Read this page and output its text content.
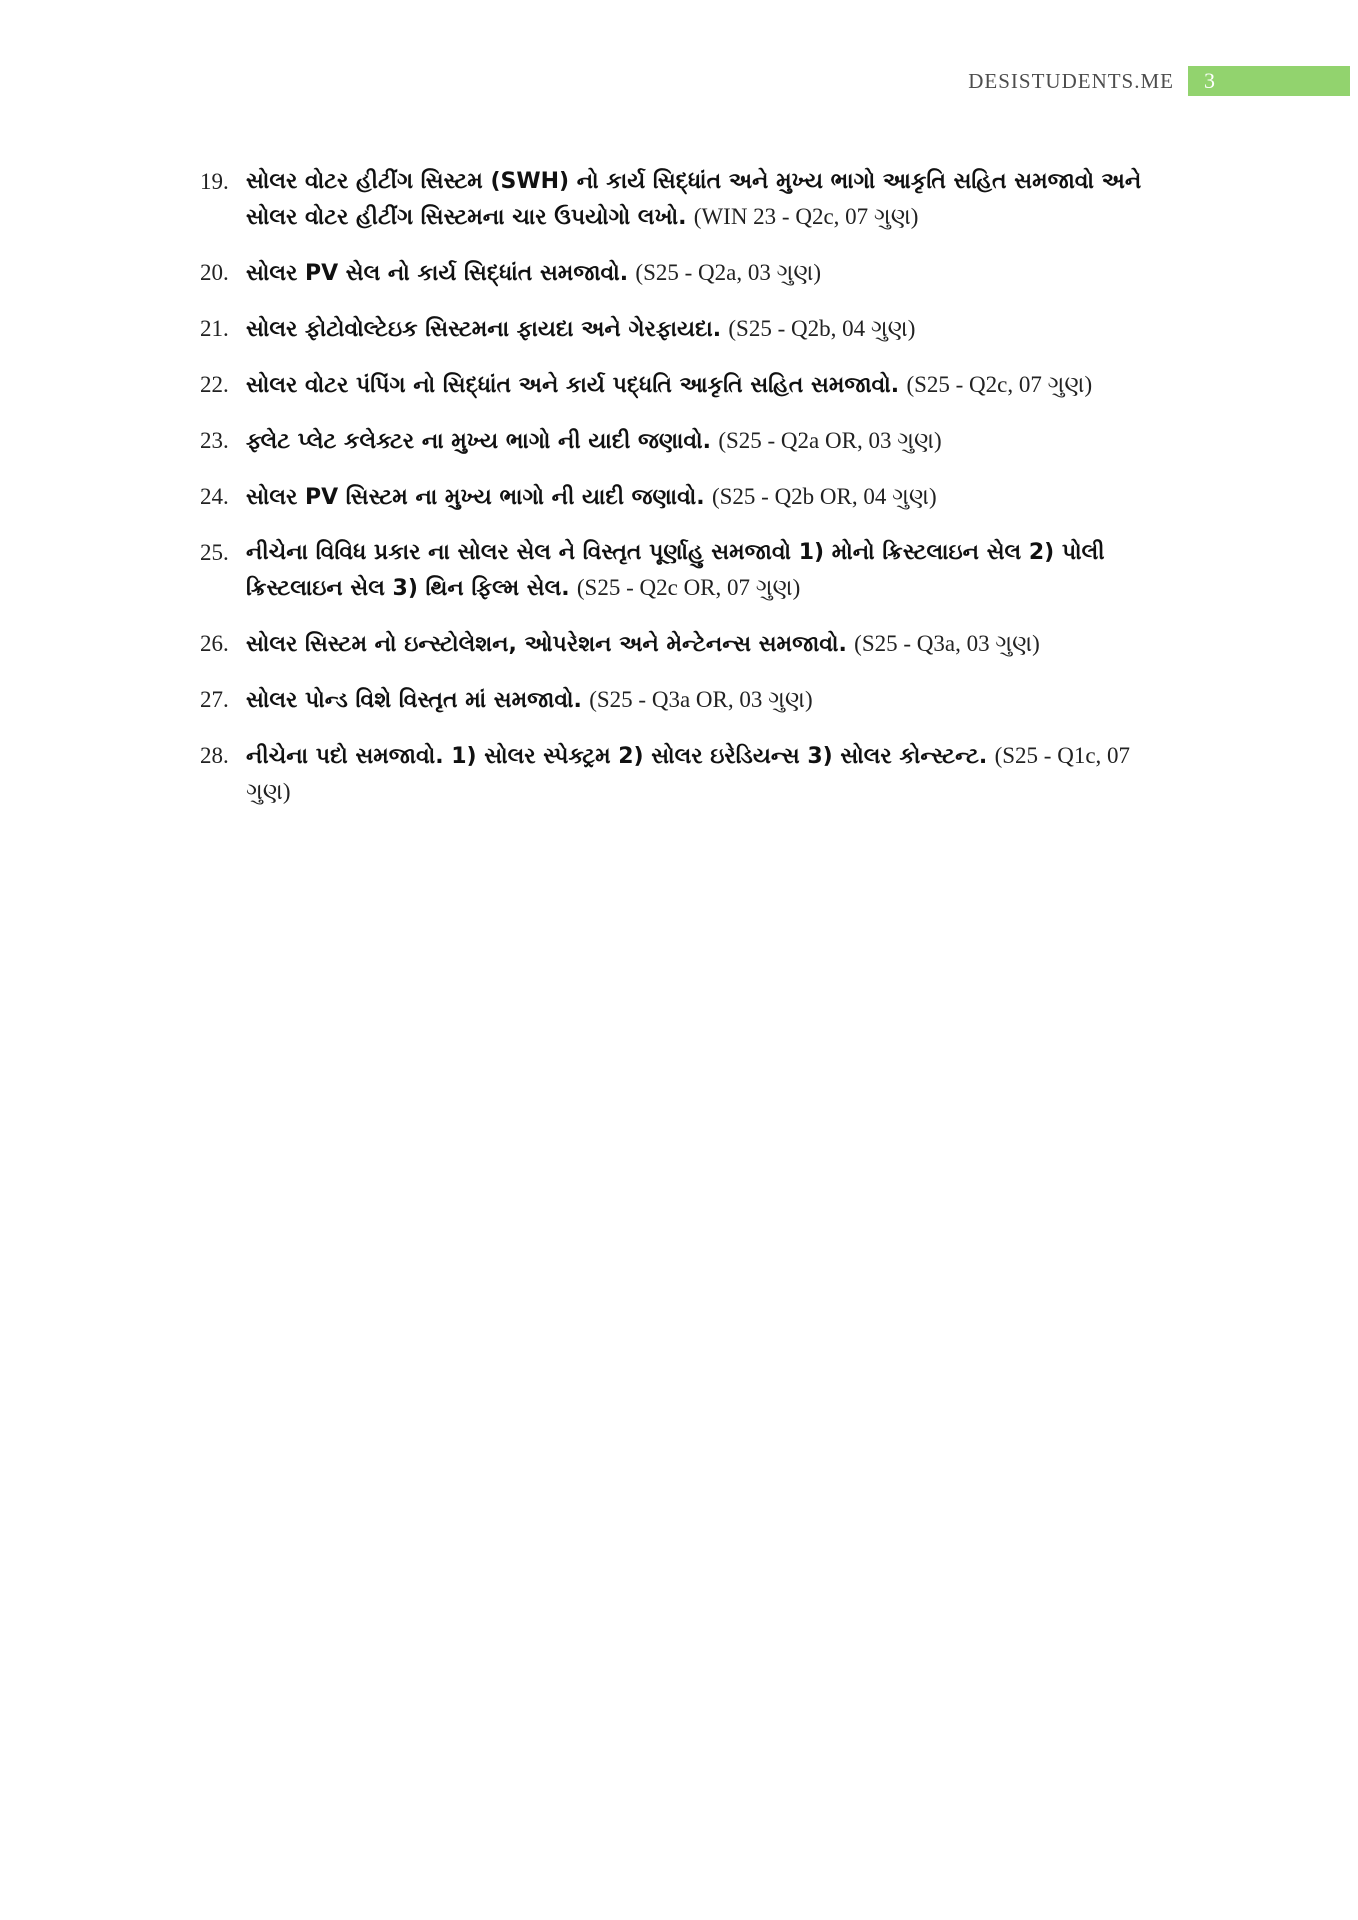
DESISTUDENTS.ME	3
19. સોલર વોટર હીટીંગ સિસ્ટમ (SWH) નો કાર્ય સિદ્ધાંત અને મુખ્ય ભાગો આકૃતિ સહિત સમજાવો અને સોલર વોટર હીટીંગ સિસ્ટમના ચાર ઉપયોગો લખો. (WIN 23 - Q2c, 07 ગુણ)
20. સોલર PV સેલ નો કાર્ય સિદ્ધાંત સમજાવો. (S25 - Q2a, 03 ગુણ)
21. સોલર ફોટોવોલ્ટેઇક સિસ્ટમના ફાયદા અને ગેરફાયદા. (S25 - Q2b, 04 ગુણ)
22. સોલર વોટર પંપિંગ નો સિદ્ધાંત અને કાર્ય પદ્ધતિ આકૃતિ સહિત સમજાવો. (S25 - Q2c, 07 ગુણ)
23. ફ્લેટ પ્લેટ કલેક્ટર ના મુખ્ય ભાગો ની યાદી જણાવો. (S25 - Q2a OR, 03 ગુણ)
24. સોલર PV સિસ્ટમ ના મુખ્ય ભાગો ની યાદી જણાવો. (S25 - Q2b OR, 04 ગુણ)
25. નીચેના વિવિધ પ્રકાર ના સોલર સેલ ને વિસ્તૃત પૂર્ણાહુ સમજાવો 1) મોનો ક્રિસ્ટલાઇન સેલ 2) પોલી ક્રિસ્ટલાઇન સેલ 3) થિન ફિલ્મ સેલ. (S25 - Q2c OR, 07 ગુણ)
26. સોલર સિસ્ટમ નો ઇન્સ્ટોલેશન, ઓપરેશન અને મેન્ટેનન્સ સમજાવો. (S25 - Q3a, 03 ગુણ)
27. સોલર પોન્ડ વિશે વિસ્તૃત માં સમજાવો. (S25 - Q3a OR, 03 ગુણ)
28. નીચેના પદો સમજાવો. 1) સોલર સ્પેક્ટ્રમ 2) સોલર ઇરેડિયન્સ 3) સોલર કોન્સ્ટન્ટ. (S25 - Q1c, 07 ગુણ)
